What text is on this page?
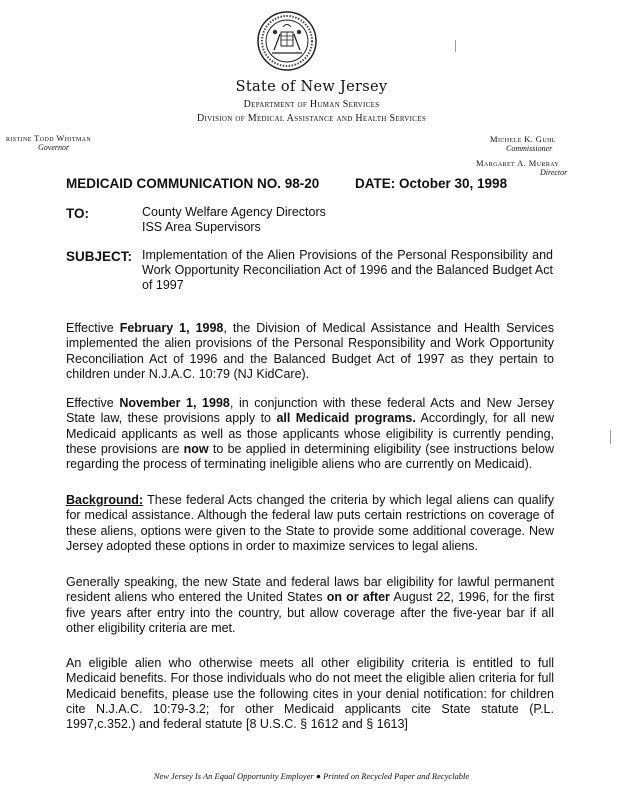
State of New Jersey
Department of Human Services
Division of Medical Assistance and Health Services
ristine Todd Whitman
Governor
Michele K. Guhl
Commissioner
Margaret A. Murray
Director
MEDICAID COMMUNICATION NO. 98-20	DATE: October 30, 1998
TO:	County Welfare Agency Directors
ISS Area Supervisors
SUBJECT: Implementation of the Alien Provisions of the Personal Responsibility and Work Opportunity Reconciliation Act of 1996 and the Balanced Budget Act of 1997

Effective February 1, 1998, the Division of Medical Assistance and Health Services implemented the alien provisions of the Personal Responsibility and Work Opportunity Reconciliation Act of 1996 and the Balanced Budget Act of 1997 as they pertain to children under N.J.A.C. 10:79 (NJ KidCare).

Effective November 1, 1998, in conjunction with these federal Acts and New Jersey State law, these provisions apply to all Medicaid programs. Accordingly, for all new Medicaid applicants as well as those applicants whose eligibility is currently pending, these provisions are now to be applied in determining eligibility (see instructions below regarding the process of terminating ineligible aliens who are currently on Medicaid).

Background: These federal Acts changed the criteria by which legal aliens can qualify for medical assistance. Although the federal law puts certain restrictions on coverage of these aliens, options were given to the State to provide some additional coverage. New Jersey adopted these options in order to maximize services to legal aliens.

Generally speaking, the new State and federal laws bar eligibility for lawful permanent resident aliens who entered the United States on or after August 22, 1996, for the first five years after entry into the country, but allow coverage after the five-year bar if all other eligibility criteria are met.

An eligible alien who otherwise meets all other eligibility criteria is entitled to full Medicaid benefits. For those individuals who do not meet the eligible alien criteria for full Medicaid benefits, please use the following cites in your denial notification: for children cite N.J.A.C. 10:79-3.2; for other Medicaid applicants cite State statute (P.L. 1997,c.352.) and federal statute [8 U.S.C. § 1612 and § 1613]

New Jersey Is An Equal Opportunity Employer ● Printed on Recycled Paper and Recyclable
